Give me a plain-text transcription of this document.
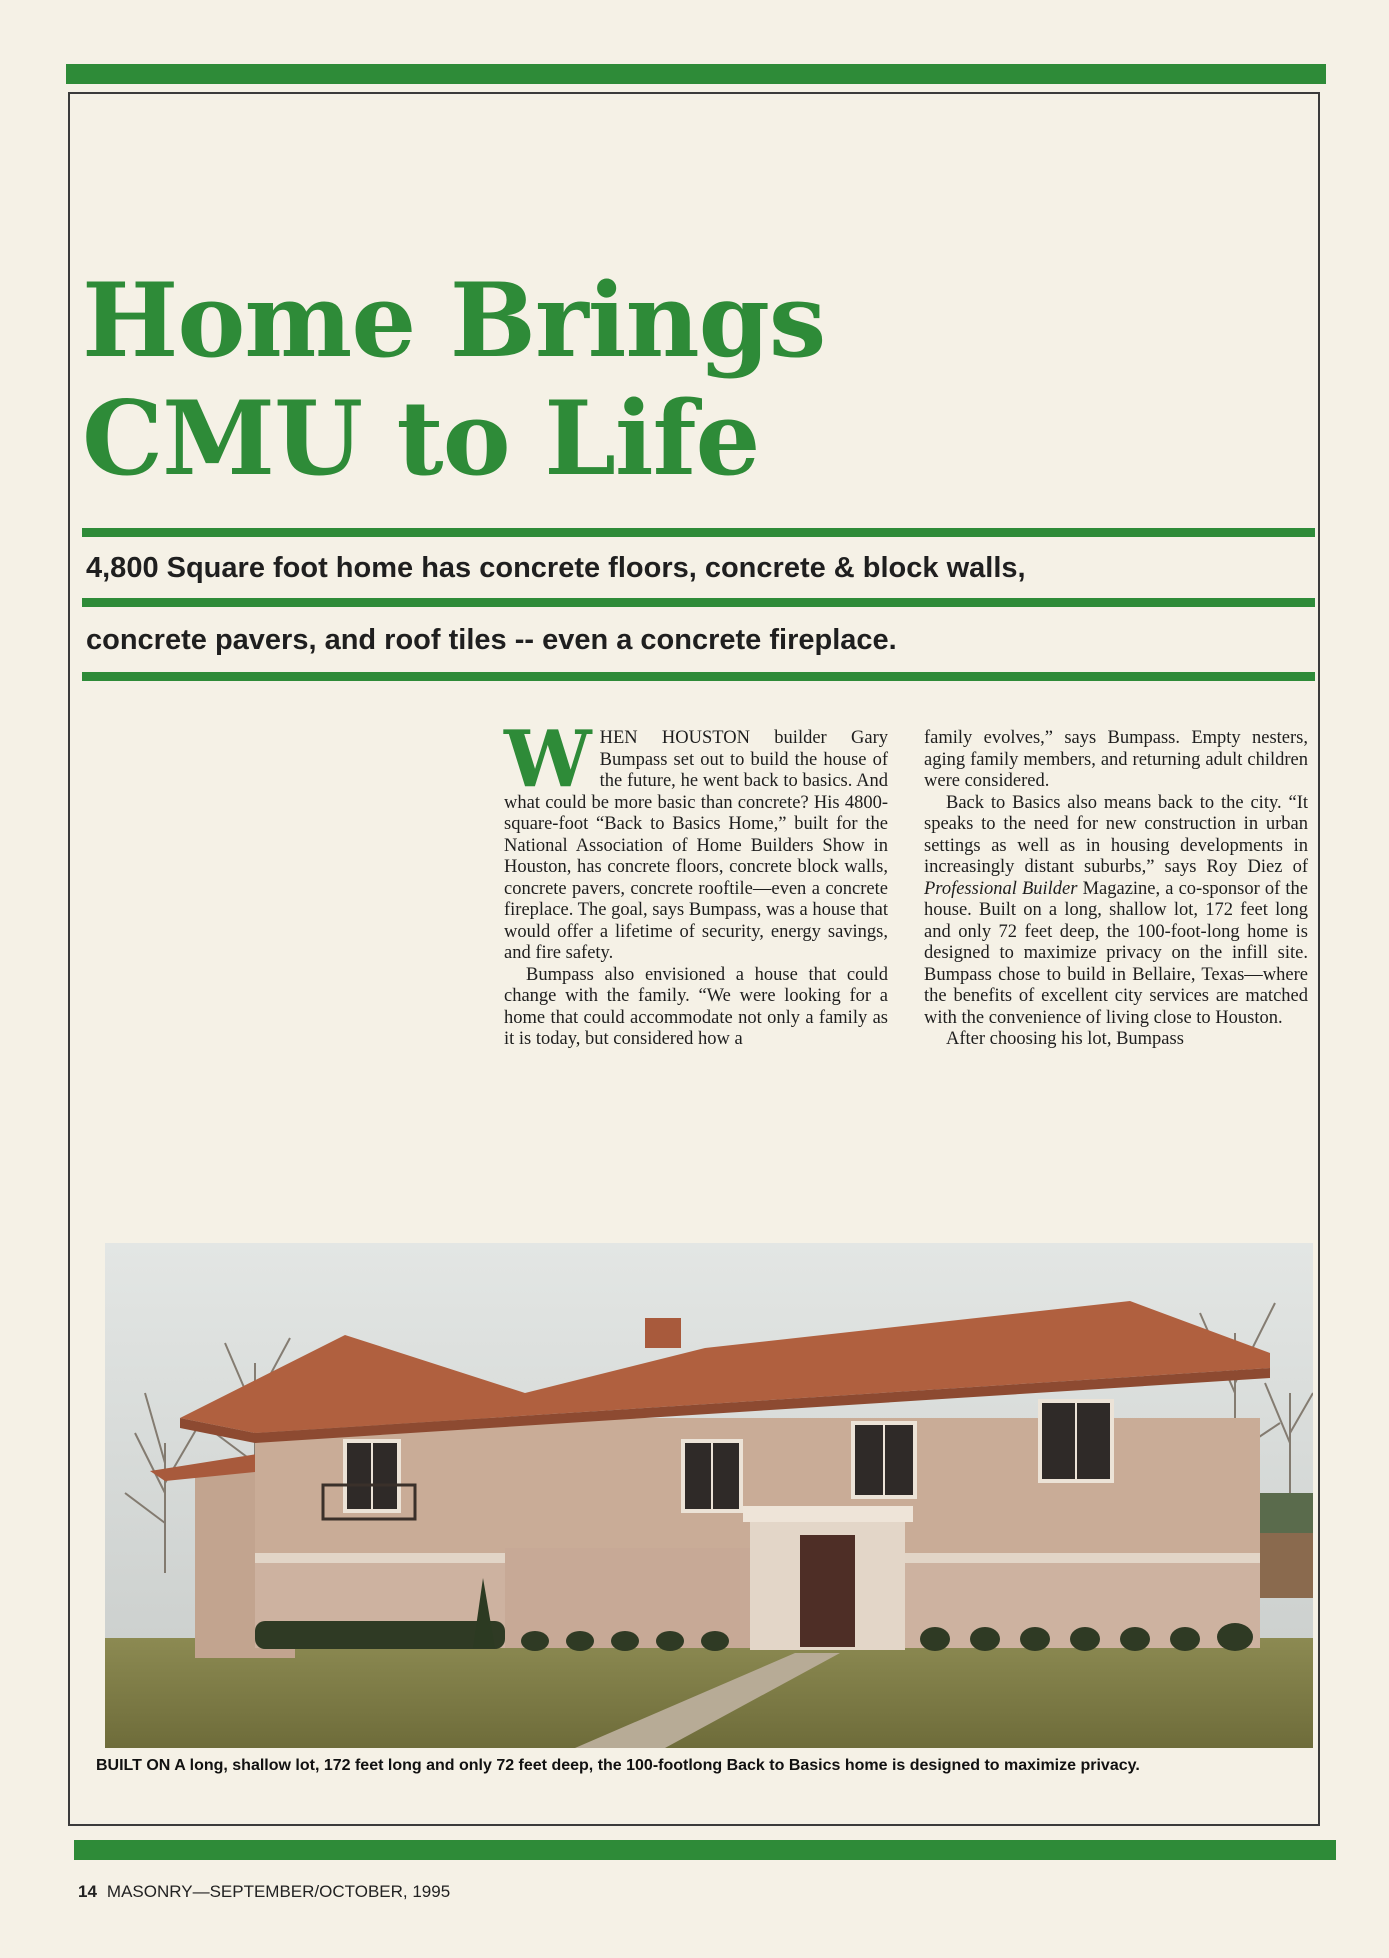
Home Brings
CMU to Life

4,800 Square foot home has concrete floors, concrete & block walls,

concrete pavers, and roof tiles -- even a concrete fireplace.

WHEN HOUSTON builder Gary Bumpass set out to build the house of the future, he went back to basics. And what could be more basic than concrete? His 4800-square-foot “Back to Basics Home,” built for the National Association of Home Builders Show in Houston, has concrete floors, concrete block walls, concrete pavers, concrete rooftile—even a concrete fireplace. The goal, says Bumpass, was a house that would offer a lifetime of security, energy savings, and fire safety.

Bumpass also envisioned a house that could change with the family. “We were looking for a home that could accommodate not only a family as it is today, but considered how a

family evolves,” says Bumpass. Empty nesters, aging family members, and returning adult children were considered.

Back to Basics also means back to the city. “It speaks to the need for new construction in urban settings as well as in housing developments in increasingly distant suburbs,” says Roy Diez of Professional Builder Magazine, a co-sponsor of the house. Built on a long, shallow lot, 172 feet long and only 72 feet deep, the 100-foot-long home is designed to maximize privacy on the infill site. Bumpass chose to build in Bellaire, Texas—where the benefits of excellent city services are matched with the convenience of living close to Houston.

After choosing his lot, Bumpass

BUILT ON A long, shallow lot, 172 feet long and only 72 feet deep, the 100-footlong Back to Basics home is designed to maximize privacy.

14 MASONRY—SEPTEMBER/OCTOBER, 1995
